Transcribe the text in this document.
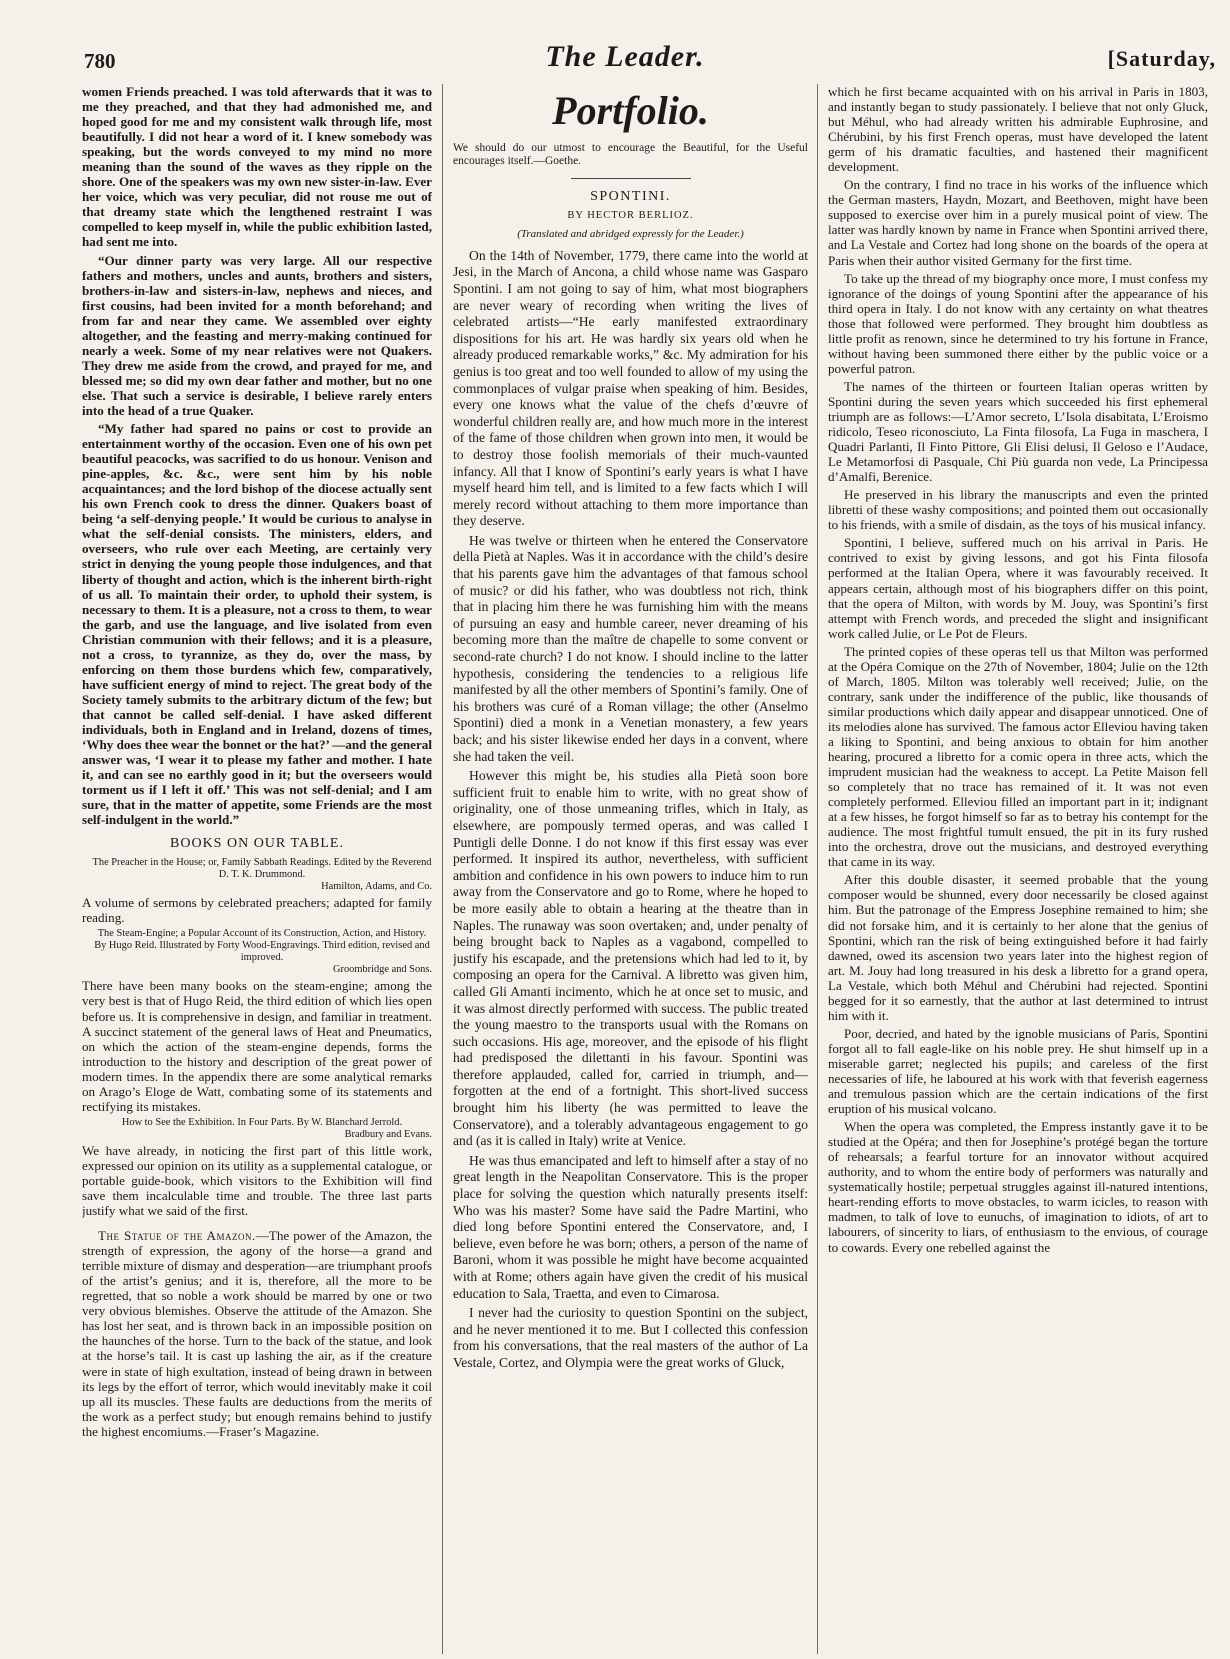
780	The Leader.	[Saturday,

women Friends preached. I was told afterwards that it was to me they preached, and that they had admonished me, and hoped good for me and my consistent walk through life, most beautifully. I did not hear a word of it. I knew somebody was speaking, but the words conveyed to my mind no more meaning than the sound of the waves as they ripple on the shore. One of the speakers was my own new sister-in-law. Ever her voice, which was very peculiar, did not rouse me out of that dreamy state which the lengthened restraint I was compelled to keep myself in, while the public exhibition lasted, had sent me into.

“Our dinner party was very large. All our respective fathers and mothers, uncles and aunts, brothers and sisters, brothers-in-law and sisters-in-law, nephews and nieces, and first cousins, had been invited for a month beforehand; and from far and near they came. We assembled over eighty altogether, and the feasting and merry-making continued for nearly a week. Some of my near relatives were not Quakers. They drew me aside from the crowd, and prayed for me, and blessed me; so did my own dear father and mother, but no one else. That such a service is desirable, I believe rarely enters into the head of a true Quaker.

“My father had spared no pains or cost to provide an entertainment worthy of the occasion. Even one of his own pet beautiful peacocks, was sacrified to do us honour. Venison and pine-apples, &c. &c., were sent him by his noble acquaintances; and the lord bishop of the diocese actually sent his own French cook to dress the dinner. Quakers boast of being ‘a self-denying people.’ It would be curious to analyse in what the self-denial consists. The ministers, elders, and overseers, who rule over each Meeting, are certainly very strict in denying the young people those indulgences, and that liberty of thought and action, which is the inherent birth-right of us all. To maintain their order, to uphold their system, is necessary to them. It is a pleasure, not a cross to them, to wear the garb, and use the language, and live isolated from even Christian communion with their fellows; and it is a pleasure, not a cross, to tyrannize, as they do, over the mass, by enforcing on them those burdens which few, comparatively, have sufficient energy of mind to reject. The great body of the Society tamely submits to the arbitrary dictum of the few; but that cannot be called self-denial. I have asked different individuals, both in England and in Ireland, dozens of times, ‘Why does thee wear the bonnet or the hat?’ —and the general answer was, ‘I wear it to please my father and mother. I hate it, and can see no earthly good in it; but the overseers would torment us if I left it off.’ This was not self-denial; and I am sure, that in the matter of appetite, some Friends are the most self-indulgent in the world.”

BOOKS ON OUR TABLE.

The Preacher in the House; or, Family Sabbath Readings. Edited by the Reverend D. T. K. Drummond.
Hamilton, Adams, and Co.

A volume of sermons by celebrated preachers; adapted for family reading.

The Steam-Engine; a Popular Account of its Construction, Action, and History. By Hugo Reid. Illustrated by Forty Wood-Engravings. Third edition, revised and improved.
Groombridge and Sons.

There have been many books on the steam-engine; among the very best is that of Hugo Reid, the third edition of which lies open before us. It is comprehensive in design, and familiar in treatment. A succinct statement of the general laws of Heat and Pneumatics, on which the action of the steam-engine depends, forms the introduction to the history and description of the great power of modern times. In the appendix there are some analytical remarks on Arago’s Eloge de Watt, combating some of its statements and rectifying its mistakes.

How to See the Exhibition. In Four Parts. By W. Blanchard Jerrold.
Bradbury and Evans.

We have already, in noticing the first part of this little work, expressed our opinion on its utility as a supplemental catalogue, or portable guide-book, which visitors to the Exhibition will find save them incalculable time and trouble. The three last parts justify what we said of the first.

The Statue of the Amazon.—The power of the Amazon, the strength of expression, the agony of the horse—a grand and terrible mixture of dismay and desperation—are triumphant proofs of the artist’s genius; and it is, therefore, all the more to be regretted, that so noble a work should be marred by one or two very obvious blemishes. Observe the attitude of the Amazon. She has lost her seat, and is thrown back in an impossible position on the haunches of the horse. Turn to the back of the statue, and look at the horse’s tail. It is cast up lashing the air, as if the creature were in state of high exultation, instead of being drawn in between its legs by the effort of terror, which would inevitably make it coil up all its muscles. These faults are deductions from the merits of the work as a perfect study; but enough remains behind to justify the highest encomiums.—Fraser’s Magazine.

Portfolio.

We should do our utmost to encourage the Beautiful, for the Useful encourages itself.—Goethe.

SPONTINI.

BY HECTOR BERLIOZ.

(Translated and abridged expressly for the Leader.)

On the 14th of November, 1779, there came into the world at Jesi, in the March of Ancona, a child whose name was Gasparo Spontini. I am not going to say of him, what most biographers are never weary of recording when writing the lives of celebrated artists—“He early manifested extraordinary dispositions for his art. He was hardly six years old when he already produced remarkable works,” &c. My admiration for his genius is too great and too well founded to allow of my using the commonplaces of vulgar praise when speaking of him. Besides, every one knows what the value of the chefs d’œuvre of wonderful children really are, and how much more in the interest of the fame of those children when grown into men, it would be to destroy those foolish memorials of their much-vaunted infancy. All that I know of Spontini’s early years is what I have myself heard him tell, and is limited to a few facts which I will merely record without attaching to them more importance than they deserve.

He was twelve or thirteen when he entered the Conservatore della Pietà at Naples. Was it in accordance with the child’s desire that his parents gave him the advantages of that famous school of music? or did his father, who was doubtless not rich, think that in placing him there he was furnishing him with the means of pursuing an easy and humble career, never dreaming of his becoming more than the maître de chapelle to some convent or second-rate church? I do not know. I should incline to the latter hypothesis, considering the tendencies to a religious life manifested by all the other members of Spontini’s family. One of his brothers was curé of a Roman village; the other (Anselmo Spontini) died a monk in a Venetian monastery, a few years back; and his sister likewise ended her days in a convent, where she had taken the veil.

However this might be, his studies alla Pietà soon bore sufficient fruit to enable him to write, with no great show of originality, one of those unmeaning trifles, which in Italy, as elsewhere, are pompously termed operas, and was called I Puntigli delle Donne. I do not know if this first essay was ever performed. It inspired its author, nevertheless, with sufficient ambition and confidence in his own powers to induce him to run away from the Conservatore and go to Rome, where he hoped to be more easily able to obtain a hearing at the theatre than in Naples. The runaway was soon overtaken; and, under penalty of being brought back to Naples as a vagabond, compelled to justify his escapade, and the pretensions which had led to it, by composing an opera for the Carnival. A libretto was given him, called Gli Amanti incimento, which he at once set to music, and it was almost directly performed with success. The public treated the young maestro to the transports usual with the Romans on such occasions. His age, moreover, and the episode of his flight had predisposed the dilettanti in his favour. Spontini was therefore applauded, called for, carried in triumph, and—forgotten at the end of a fortnight. This short-lived success brought him his liberty (he was permitted to leave the Conservatore), and a tolerably advantageous engagement to go and (as it is called in Italy) write at Venice.

He was thus emancipated and left to himself after a stay of no great length in the Neapolitan Conservatore. This is the proper place for solving the question which naturally presents itself: Who was his master? Some have said the Padre Martini, who died long before Spontini entered the Conservatore, and, I believe, even before he was born; others, a person of the name of Baroni, whom it was possible he might have become acquainted with at Rome; others again have given the credit of his musical education to Sala, Traetta, and even to Cimarosa.

I never had the curiosity to question Spontini on the subject, and he never mentioned it to me. But I collected this confession from his conversations, that the real masters of the author of La Vestale, Cortez, and Olympia were the great works of Gluck,

which he first became acquainted with on his arrival in Paris in 1803, and instantly began to study passionately. I believe that not only Gluck, but Méhul, who had already written his admirable Euphrosine, and Chérubini, by his first French operas, must have developed the latent germ of his dramatic faculties, and hastened their magnificent development.

On the contrary, I find no trace in his works of the influence which the German masters, Haydn, Mozart, and Beethoven, might have been supposed to exercise over him in a purely musical point of view. The latter was hardly known by name in France when Spontini arrived there, and La Vestale and Cortez had long shone on the boards of the opera at Paris when their author visited Germany for the first time.

To take up the thread of my biography once more, I must confess my ignorance of the doings of young Spontini after the appearance of his third opera in Italy. I do not know with any certainty on what theatres those that followed were performed. They brought him doubtless as little profit as renown, since he determined to try his fortune in France, without having been summoned there either by the public voice or a powerful patron.

The names of the thirteen or fourteen Italian operas written by Spontini during the seven years which succeeded his first ephemeral triumph are as follows:—L’Amor secreto, L’Isola disabitata, L’Eroismo ridicolo, Teseo riconosciuto, La Finta filosofa, La Fuga in maschera, I Quadri Parlanti, Il Finto Pittore, Gli Elisi delusi, Il Geloso e l’Audace, Le Metamorfosi di Pasquale, Chi Più guarda non vede, La Principessa d’Amalfi, Berenice.

He preserved in his library the manuscripts and even the printed libretti of these washy compositions; and pointed them out occasionally to his friends, with a smile of disdain, as the toys of his musical infancy.

Spontini, I believe, suffered much on his arrival in Paris. He contrived to exist by giving lessons, and got his Finta filosofa performed at the Italian Opera, where it was favourably received. It appears certain, although most of his biographers differ on this point, that the opera of Milton, with words by M. Jouy, was Spontini’s first attempt with French words, and preceded the slight and insignificant work called Julie, or Le Pot de Fleurs.

The printed copies of these operas tell us that Milton was performed at the Opéra Comique on the 27th of November, 1804; Julie on the 12th of March, 1805. Milton was tolerably well received; Julie, on the contrary, sank under the indifference of the public, like thousands of similar productions which daily appear and disappear unnoticed. One of its melodies alone has survived. The famous actor Elleviou having taken a liking to Spontini, and being anxious to obtain for him another hearing, procured a libretto for a comic opera in three acts, which the imprudent musician had the weakness to accept. La Petite Maison fell so completely that no trace has remained of it. It was not even completely performed. Elleviou filled an important part in it; indignant at a few hisses, he forgot himself so far as to betray his contempt for the audience. The most frightful tumult ensued, the pit in its fury rushed into the orchestra, drove out the musicians, and destroyed everything that came in its way.

After this double disaster, it seemed probable that the young composer would be shunned, every door necessarily be closed against him. But the patronage of the Empress Josephine remained to him; she did not forsake him, and it is certainly to her alone that the genius of Spontini, which ran the risk of being extinguished before it had fairly dawned, owed its ascension two years later into the highest region of art. M. Jouy had long treasured in his desk a libretto for a grand opera, La Vestale, which both Méhul and Chérubini had rejected. Spontini begged for it so earnestly, that the author at last determined to intrust him with it.

Poor, decried, and hated by the ignoble musicians of Paris, Spontini forgot all to fall eagle-like on his noble prey. He shut himself up in a miserable garret; neglected his pupils; and careless of the first necessaries of life, he laboured at his work with that feverish eagerness and tremulous passion which are the certain indications of the first eruption of his musical volcano.

When the opera was completed, the Empress instantly gave it to be studied at the Opéra; and then for Josephine’s protégé began the torture of rehearsals; a fearful torture for an innovator without acquired authority, and to whom the entire body of performers was naturally and systematically hostile; perpetual struggles against ill-natured intentions, heart-rending efforts to move obstacles, to warm icicles, to reason with madmen, to talk of love to eunuchs, of imagination to idiots, of art to labourers, of sincerity to liars, of enthusiasm to the envious, of courage to cowards. Every one rebelled against the
